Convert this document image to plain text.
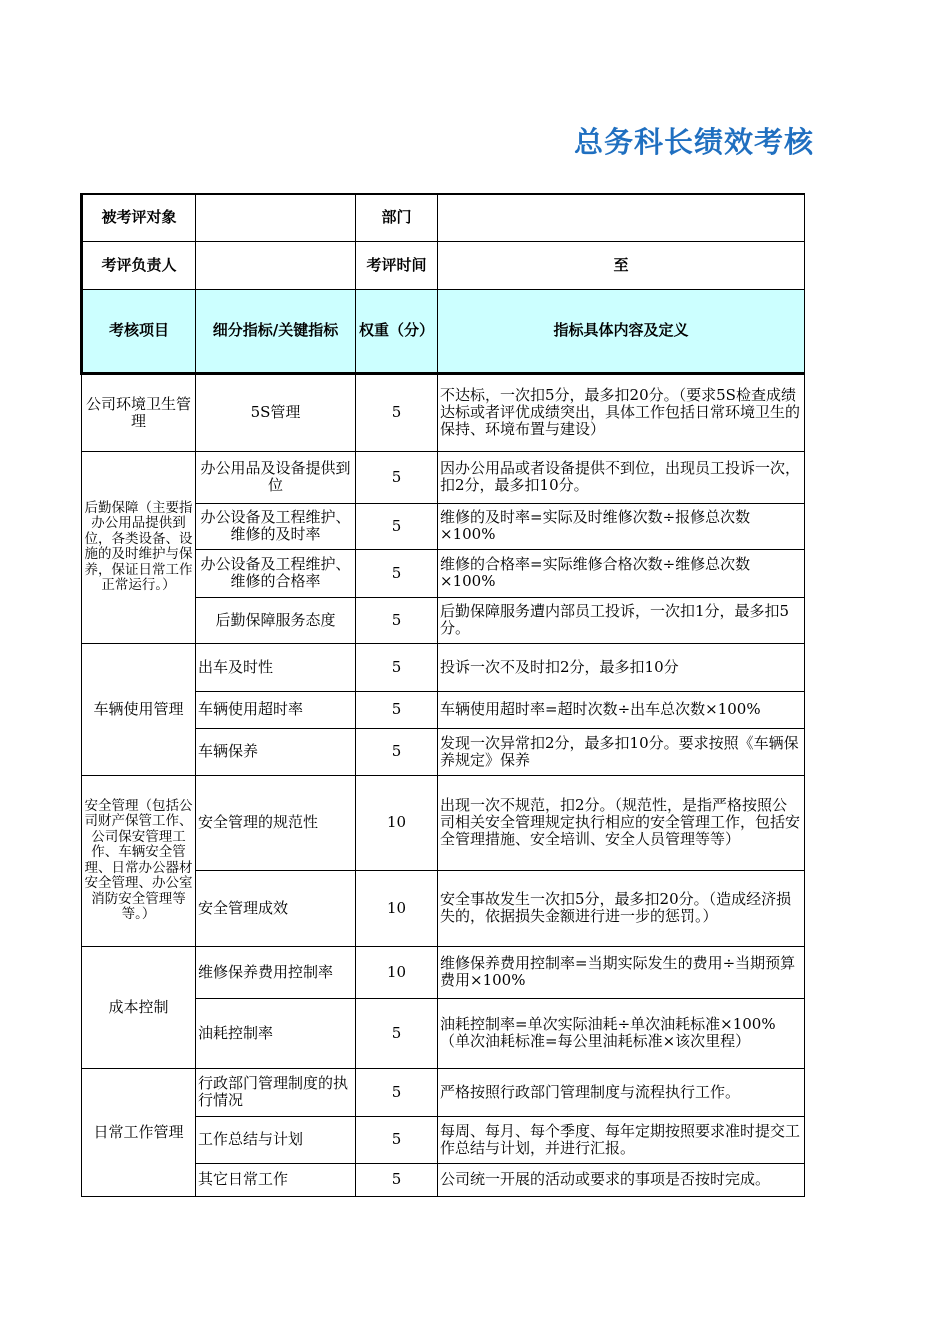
总务科长绩效考核
被考评对象		部门	
考评负责人		考评时间	至
考核项目	细分指标/关键指标	权重（分）	指标具体内容及定义
公司环境卫生管理	5S管理	5	不达标，一次扣5分，最多扣20分。（要求5S检查成绩达标或者评优成绩突出，具体工作包括日常环境卫生的保持、环境布置与建设）
后勤保障（主要指办公用品提供到位，各类设备、设施的及时维护与保养，保证日常工作正常运行。）	办公用品及设备提供到位	5	因办公用品或者设备提供不到位，出现员工投诉一次，扣2分，最多扣10分。
	办公设备及工程维护、维修的及时率	5	维修的及时率=实际及时维修次数÷报修总次数×100%
	办公设备及工程维护、维修的合格率	5	维修的合格率=实际维修合格次数÷维修总次数×100%
	后勤保障服务态度	5	后勤保障服务遭内部员工投诉，一次扣1分，最多扣5分。
车辆使用管理	出车及时性	5	投诉一次不及时扣2分，最多扣10分
	车辆使用超时率	5	车辆使用超时率=超时次数÷出车总次数×100%
	车辆保养	5	发现一次异常扣2分，最多扣10分。要求按照《车辆保养规定》保养
安全管理（包括公司财产保管工作、公司保安管理工作、车辆安全管理、日常办公器材安全管理、办公室消防安全管理等等。）	安全管理的规范性	10	出现一次不规范，扣2分。（规范性，是指严格按照公司相关安全管理规定执行相应的安全管理工作，包括安全管理措施、安全培训、安全人员管理等等）
	安全管理成效	10	安全事故发生一次扣5分，最多扣20分。（造成经济损失的，依据损失金额进行进一步的惩罚。）
成本控制	维修保养费用控制率	10	维修保养费用控制率=当期实际发生的费用÷当期预算费用×100%
	油耗控制率	5	油耗控制率=单次实际油耗÷单次油耗标准×100%（单次油耗标准=每公里油耗标准×该次里程）
日常工作管理	行政部门管理制度的执行情况	5	严格按照行政部门管理制度与流程执行工作。
	工作总结与计划	5	每周、每月、每个季度、每年定期按照要求准时提交工作总结与计划，并进行汇报。
	其它日常工作	5	公司统一开展的活动或要求的事项是否按时完成。
